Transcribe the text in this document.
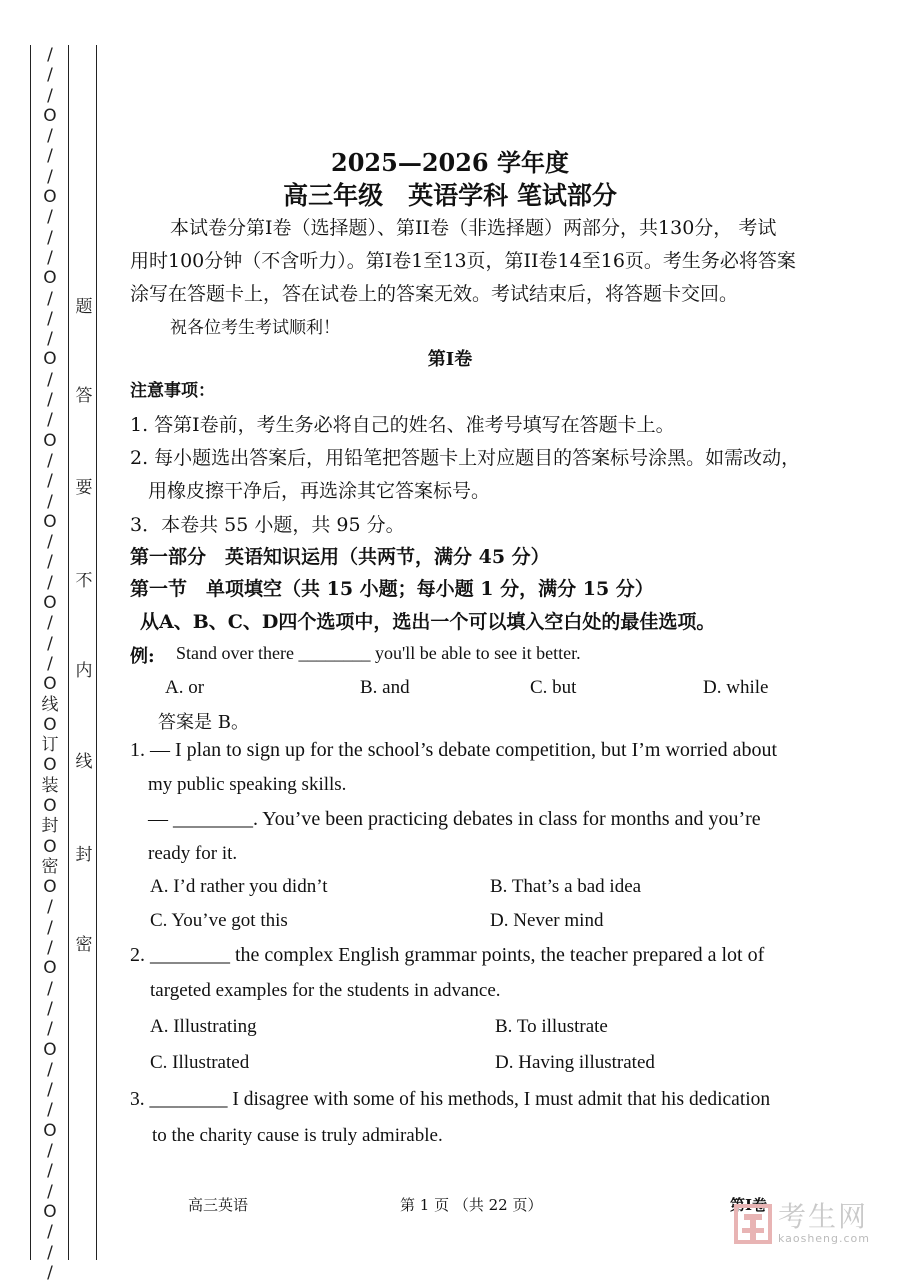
/
/
/
O
/
/
/
O
/
/
/
O
/
/
/
O
/
/
/
O
/
/
/
O
/
/
/
O
/
/
/
O
线
O
订
O
装
O
封
O
密
O
/
/
/
O
/
/
/
O
/
/
/
O
/
/
/
O
/
/
/
题
答
要
不
内
线
封
密
2025—2026 学年度
高三年级　英语学科 笔试部分
本试卷分第I卷（选择题）、第II卷（非选择题）两部分，共130分， 考试
用时100分钟（不含听力）。第I卷1至13页，第II卷14至16页。考生务必将答案
涂写在答题卡上，答在试卷上的答案无效。考试结束后，将答题卡交回。
祝各位考生考试顺利！
第I卷
注意事项：
1. 答第I卷前，考生务必将自己的姓名、准考号填写在答题卡上。
2. 每小题选出答案后，用铅笔把答题卡上对应题目的答案标号涂黑。如需改动，
用橡皮擦干净后，再选涂其它答案标号。
3．本卷共 55 小题，共 95 分。
第一部分　英语知识运用（共两节，满分 45 分）
第一节　单项填空（共 15 小题；每小题 1 分，满分 15 分）
从A、B、C、D四个选项中，选出一个可以填入空白处的最佳选项。
例: Stand over there ________ you'll be able to see it better.
A. or	B. and	C. but	D. while
答案是 B。
1. — I plan to sign up for the school’s debate competition, but I’m worried about
my public speaking skills.
— ________. You’ve been practicing debates in class for months and you’re
ready for it.
A. I’d rather you didn’t	B. That’s a bad idea
C. You’ve got this	D. Never mind
2. ________ the complex English grammar points, the teacher prepared a lot of
targeted examples for the students in advance.
A. Illustrating	B. To illustrate
C. Illustrated	D. Having illustrated
3. ________ I disagree with some of his methods, I must admit that his dedication
to the charity cause is truly admirable.
高三英语	第 1 页 （共 22 页）	第I卷 考生网
kaosheng.com
